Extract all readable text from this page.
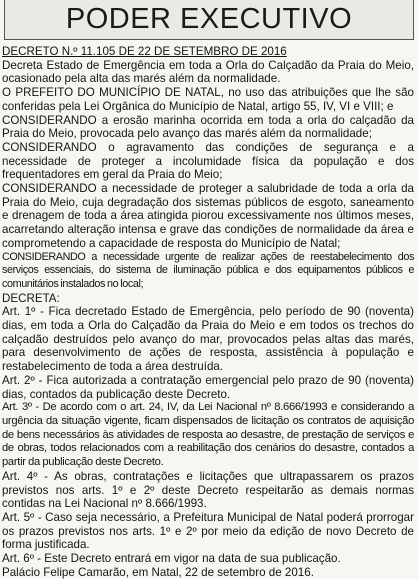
PODER EXECUTIVO

DECRETO N.º 11.105 DE 22 DE SETEMBRO DE 2016

Decreta Estado de Emergência em toda a Orla do Calçadão da Praia do Meio, ocasionado pela alta das marés além da normalidade.

O PREFEITO DO MUNICÍPIO DE NATAL, no uso das atribuições que lhe são conferidas pela Lei Orgânica do Município de Natal, artigo 55, IV, VI e VIII; e

CONSIDERANDO a erosão marinha ocorrida em toda a orla do calçadão da Praia do Meio, provocada pelo avanço das marés além da normalidade;

CONSIDERANDO o agravamento das condições de segurança e a necessidade de proteger a incolumidade física da população e dos frequentadores em geral da Praia do Meio;

CONSIDERANDO a necessidade de proteger a salubridade de toda a orla da Praia do Meio, cuja degradação dos sistemas públicos de esgoto, saneamento e drenagem de toda a área atingida piorou excessivamente nos últimos meses, acarretando alteração intensa e grave das condições de normalidade da área e comprometendo a capacidade de resposta do Município de Natal;

CONSIDERANDO a necessidade urgente de realizar ações de reestabelecimento dos serviços essenciais, do sistema de iluminação pública e dos equipamentos públicos e comunitários instalados no local;

DECRETA:

Art. 1º - Fica decretado Estado de Emergência, pelo período de 90 (noventa) dias, em toda a Orla do Calçadão da Praia do Meio e em todos os trechos do calçadão destruídos pelo avanço do mar, provocados pelas altas das marés, para desenvolvimento de ações de resposta, assistência à população e restabelecimento de toda a área destruída.

Art. 2º - Fica autorizada a contratação emergencial pelo prazo de 90 (noventa) dias, contados da publicação deste Decreto.

Art. 3º - De acordo com o art. 24, IV, da Lei Nacional nº 8.666/1993 e considerando a urgência da situação vigente, ficam dispensados de licitação os contratos de aquisição de bens necessários às atividades de resposta ao desastre, de prestação de serviços e de obras, todos relacionados com a reabilitação dos cenários do desastre, contados a partir da publicação deste Decreto.

Art. 4º - As obras, contratações e licitações que ultrapassarem os prazos previstos nos arts. 1º e 2º deste Decreto respeitarão as demais normas contidas na Lei Nacional nº 8.666/1993.

Art. 5º - Caso seja necessário, a Prefeitura Municipal de Natal poderá prorrogar os prazos previstos nos arts. 1º e 2º por meio da edição de novo Decreto de forma justificada.

Art. 6º - Este Decreto entrará em vigor na data de sua publicação.

Palácio Felipe Camarão, em Natal, 22 de setembro de 2016.
